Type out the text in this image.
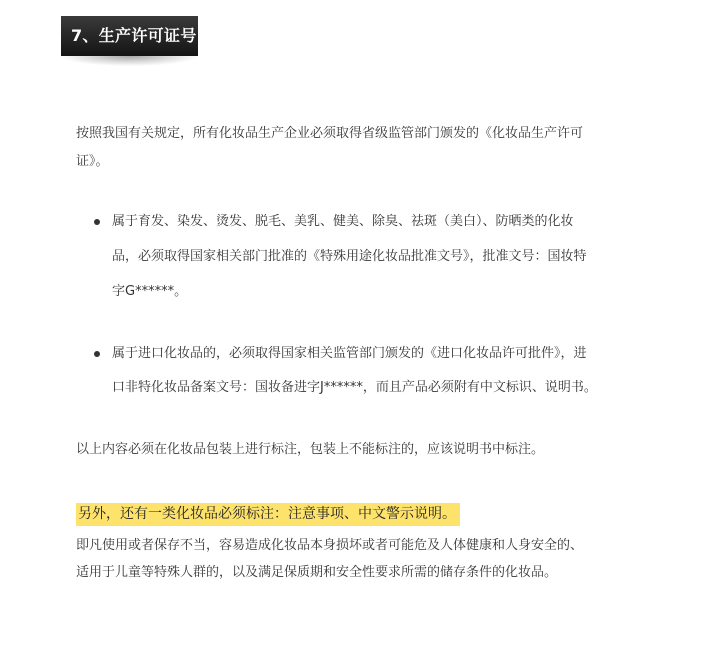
7、生产许可证号

按照我国有关规定，所有化妆品生产企业必须取得省级监管部门颁发的《化妆品生产许可

证》。

属于育发、染发、烫发、脱毛、美乳、健美、除臭、祛斑（美白）、防晒类的化妆

品，必须取得国家相关部门批准的《特殊用途化妆品批准文号》，批准文号：国妆特

字G******。

属于进口化妆品的，必须取得国家相关监管部门颁发的《进口化妆品许可批件》，进

口非特化妆品备案文号：国妆备进字J******，而且产品必须附有中文标识、说明书。

以上内容必须在化妆品包装上进行标注，包装上不能标注的，应该说明书中标注。

另外，还有一类化妆品必须标注：注意事项、中文警示说明。

即凡使用或者保存不当，容易造成化妆品本身损坏或者可能危及人体健康和人身安全的、

适用于儿童等特殊人群的，以及满足保质期和安全性要求所需的储存条件的化妆品。
